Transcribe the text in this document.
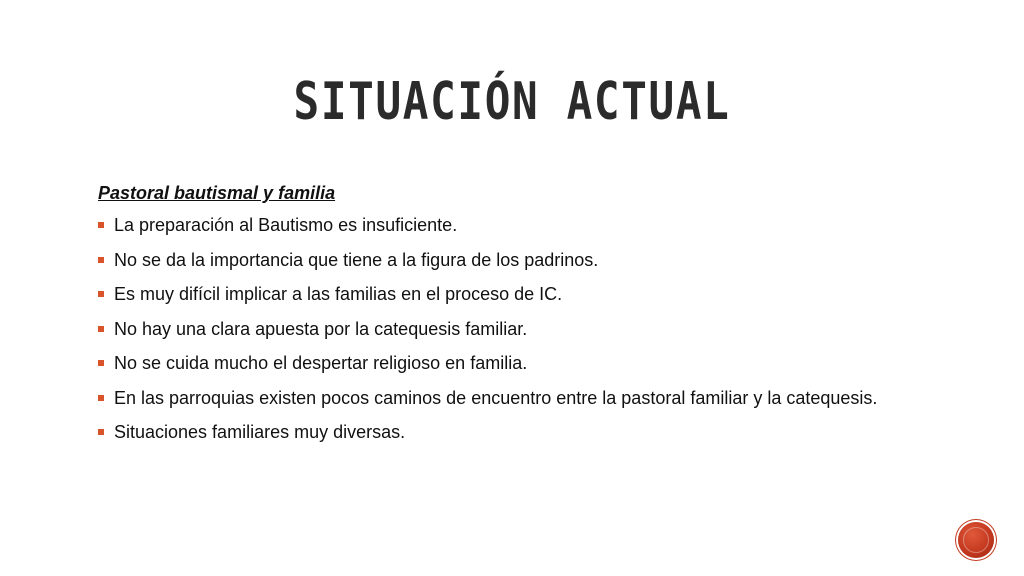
SITUACIÓN ACTUAL

Pastoral bautismal y familia

La preparación al Bautismo es insuficiente.
No se da la importancia que tiene a la figura de los padrinos.
Es muy difícil implicar a las familias en el proceso de IC.
No hay una clara apuesta por la catequesis familiar.
No se cuida mucho el despertar religioso en familia.
En las parroquias existen pocos caminos de encuentro entre la pastoral familiar y la catequesis.
Situaciones familiares muy diversas.
